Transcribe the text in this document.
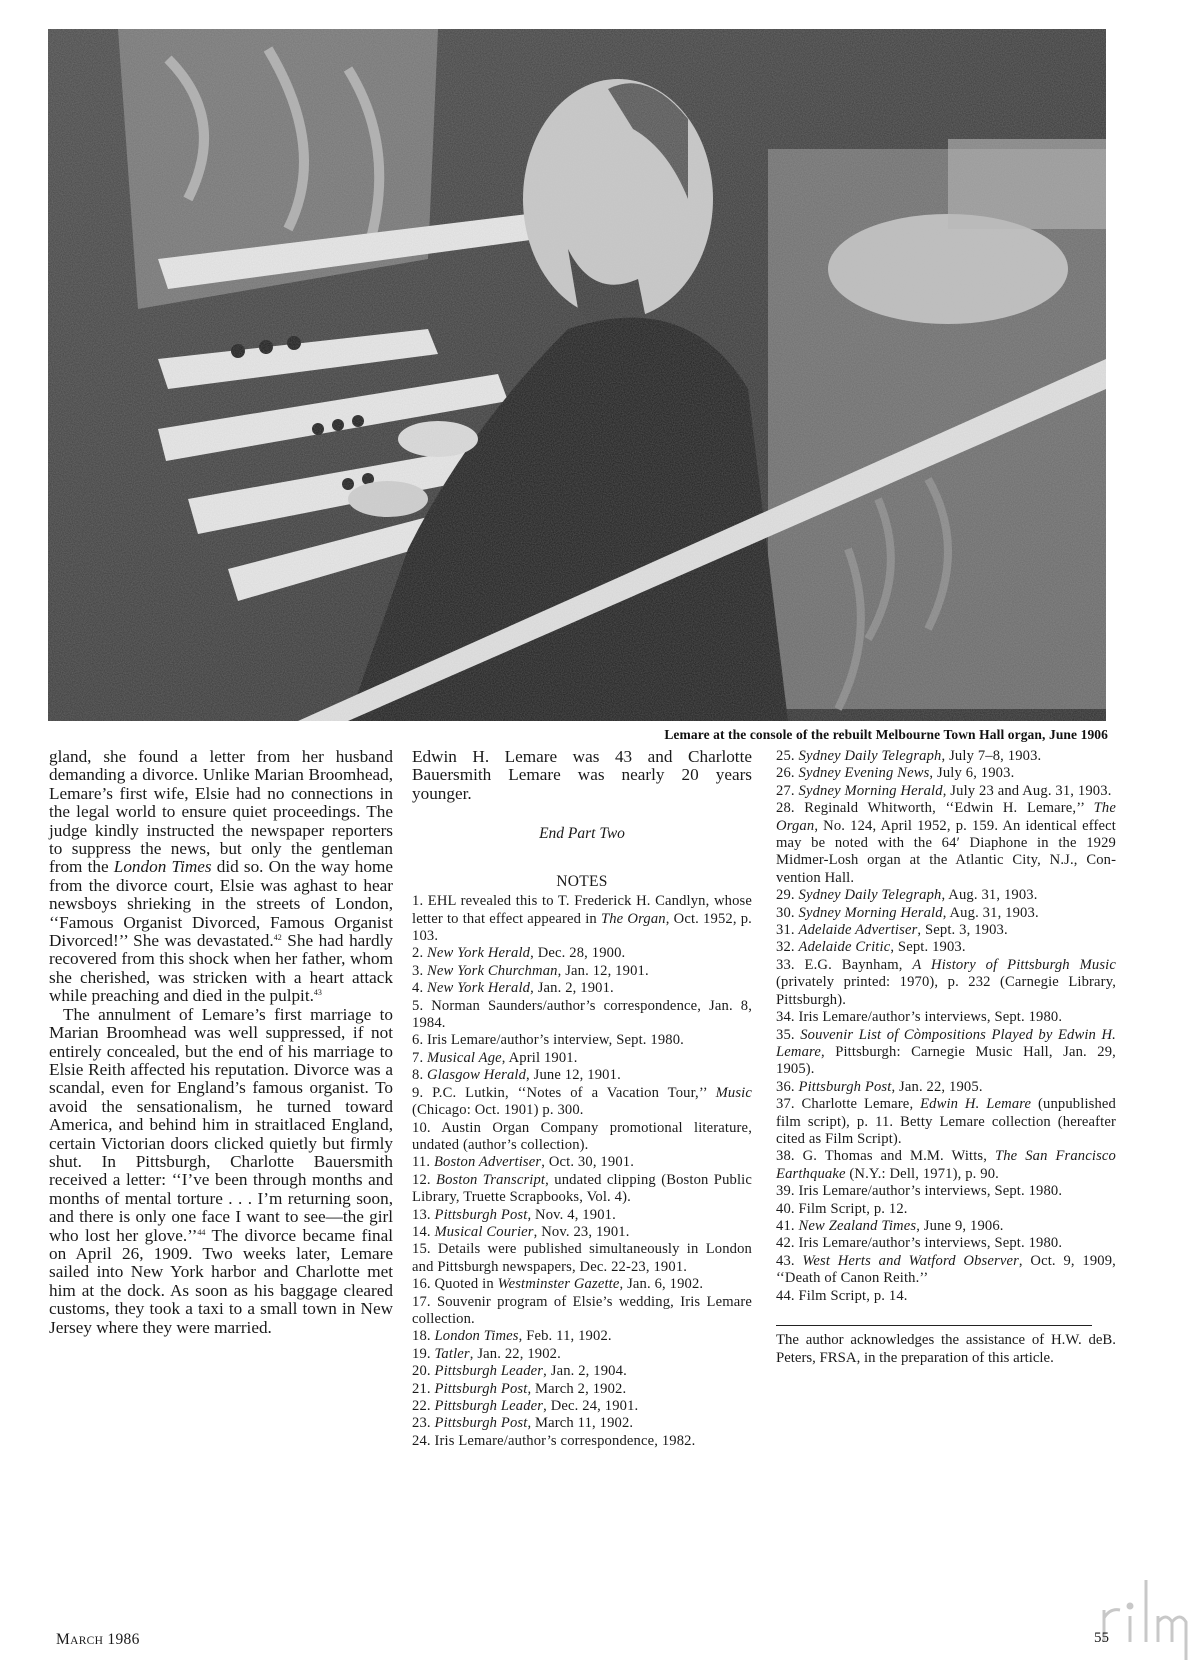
Lemare at the console of the rebuilt Melbourne Town Hall organ, June 1906

gland, she found a letter from her husband demanding a divorce. Unlike Marian Broomhead, Lemare’s first wife, Elsie had no connections in the legal world to ensure quiet proceedings. The judge kindly instructed the newspaper reporters to suppress the news, but only the gentleman from the London Times did so. On the way home from the divorce court, Elsie was aghast to hear newsboys shrieking in the streets of London, ‘‘Famous Organist Divorced, Famous Organist Divorced!’’ She was devastated.$^{42}$ She had hardly recovered from this shock when her father, whom she cherished, was stricken with a heart attack while preaching and died in the pulpit.$^{43}$

The annulment of Lemare’s first marriage to Marian Broomhead was well suppressed, if not entirely concealed, but the end of his marriage to Elsie Reith affected his reputation. Divorce was a scandal, even for England’s famous organist. To avoid the sensationalism, he turned toward America, and behind him in straitlaced England, certain Victorian doors clicked quietly but firmly shut. In Pittsburgh, Charlotte Bauersmith received a letter: ‘‘I’ve been through months and months of mental torture . . . I’m returning soon, and there is only one face I want to see—the girl who lost her glove.’’$^{44}$ The divorce became final on April 26, 1909. Two weeks later, Lemare sailed into New York harbor and Charlotte met him at the dock. As soon as his baggage cleared customs, they took a taxi to a small town in New Jersey where they were married.

Edwin H. Lemare was 43 and Charlotte Bauersmith Lemare was nearly 20 years younger.

End Part Two

NOTES

1. EHL revealed this to T. Frederick H. Candlyn, whose letter to that effect appeared in The Organ, Oct. 1952, p. 103.

2. New York Herald, Dec. 28, 1900.

3. New York Churchman, Jan. 12, 1901.

4. New York Herald, Jan. 2, 1901.

5. Norman Saunders/author’s correspondence, Jan. 8, 1984.

6. Iris Lemare/author’s interview, Sept. 1980.

7. Musical Age, April 1901.

8. Glasgow Herald, June 12, 1901.

9. P.C. Lutkin, ‘‘Notes of a Vacation Tour,’’ Music (Chicago: Oct. 1901) p. 300.

10. Austin Organ Company promotional literature, undated (author’s collection).

11. Boston Advertiser, Oct. 30, 1901.

12. Boston Transcript, undated clipping (Boston Public Library, Truette Scrapbooks, Vol. 4).

13. Pittsburgh Post, Nov. 4, 1901.

14. Musical Courier, Nov. 23, 1901.

15. Details were published simultaneously in London and Pittsburgh newspapers, Dec. 22-23, 1901.

16. Quoted in Westminster Gazette, Jan. 6, 1902.

17. Souvenir program of Elsie’s wedding, Iris Lemare collection.

18. London Times, Feb. 11, 1902.

19. Tatler, Jan. 22, 1902.

20. Pittsburgh Leader, Jan. 2, 1904.

21. Pittsburgh Post, March 2, 1902.

22. Pittsburgh Leader, Dec. 24, 1901.

23. Pittsburgh Post, March 11, 1902.

24. Iris Lemare/author’s correspondence, 1982.

25. Sydney Daily Telegraph, July 7–8, 1903.

26. Sydney Evening News, July 6, 1903.

27. Sydney Morning Herald, July 23 and Aug. 31, 1903.

28. Reginald Whitworth, ‘‘Edwin H. Lemare,’’ The Organ, No. 124, April 1952, p. 159. An identical effect may be noted with the 64′ Diaphone in the 1929 Midmer-Losh organ at the Atlantic City, N.J., Convention Hall.

29. Sydney Daily Telegraph, Aug. 31, 1903.

30. Sydney Morning Herald, Aug. 31, 1903.

31. Adelaide Advertiser, Sept. 3, 1903.

32. Adelaide Critic, Sept. 1903.

33. E.G. Baynham, A History of Pittsburgh Music (privately printed: 1970), p. 232 (Carnegie Library, Pittsburgh).

34. Iris Lemare/author’s interviews, Sept. 1980.

35. Souvenir List of Còmpositions Played by Edwin H. Lemare, Pittsburgh: Carnegie Music Hall, Jan. 29, 1905).

36. Pittsburgh Post, Jan. 22, 1905.

37. Charlotte Lemare, Edwin H. Lemare (unpublished film script), p. 11. Betty Lemare collection (hereafter cited as Film Script).

38. G. Thomas and M.M. Witts, The San Francisco Earthquake (N.Y.: Dell, 1971), p. 90.

39. Iris Lemare/author’s interviews, Sept. 1980.

40. Film Script, p. 12.

41. New Zealand Times, June 9, 1906.

42. Iris Lemare/author’s interviews, Sept. 1980.

43. West Herts and Watford Observer, Oct. 9, 1909, ‘‘Death of Canon Reith.’’

44. Film Script, p. 14.

The author acknowledges the assistance of H.W. deB. Peters, FRSA, in the preparation of this article.

MARCH 1986	55
